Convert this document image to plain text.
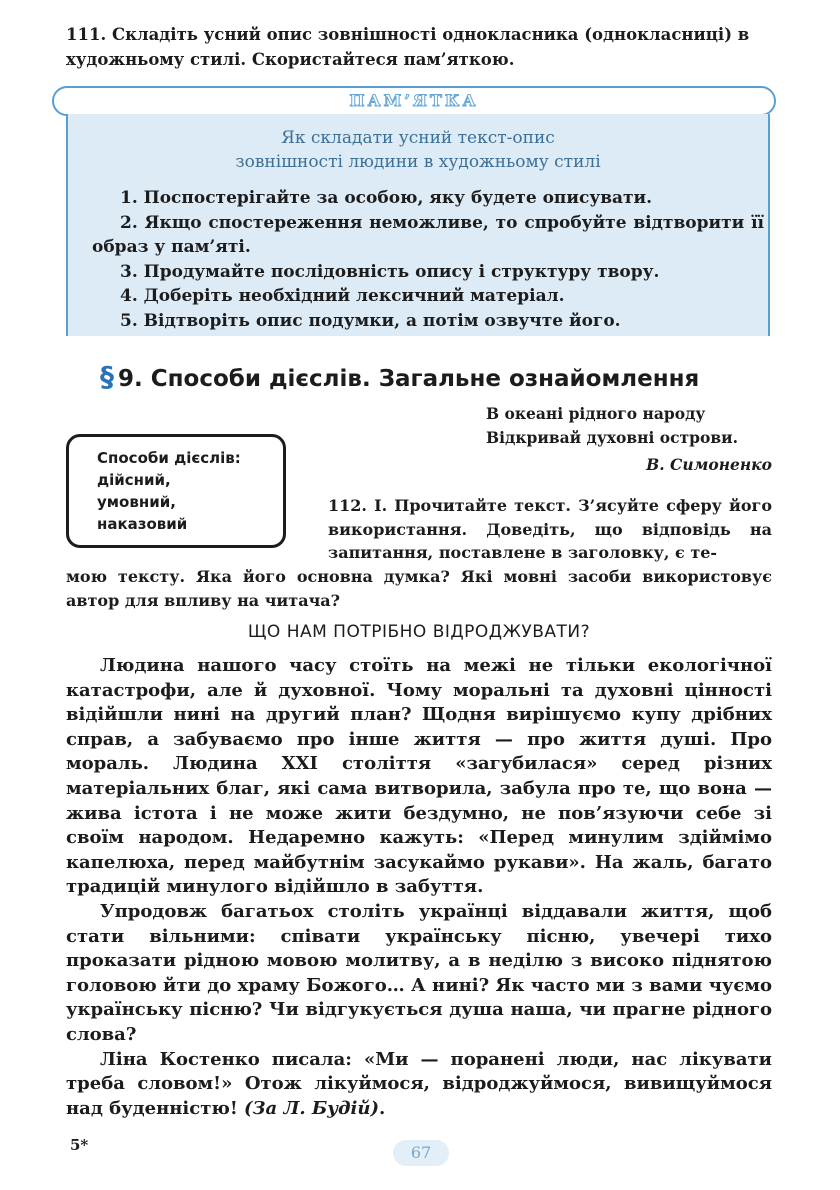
111. Складіть усний опис зовнішності однокласника (однокласниці) в художньому стилі. Скористайтеся пам’яткою.
ПАМ’ЯТКА
Як складати усний текст-опис
зовнішності людини в художньому стилі
1. Поспостерігайте за особою, яку будете описувати.
2. Якщо спостереження неможливе, то спробуйте відтворити її образ у пам’яті.
3. Продумайте послідовність опису і структуру твору.
4. Доберіть необхідний лексичний матеріал.
5. Відтворіть опис подумки, а потім озвучте його.
§ 9. Способи дієслів. Загальне ознайомлення
В океані рідного народу
Відкривай духовні острови.
В. Симоненко
Способи дієслів:
дійсний,
умовний,
наказовий
112. І. Прочитайте текст. З’ясуйте сферу його використання. Доведіть, що відповідь на запитання, поставлене в заголовку, є те-
мою тексту. Яка його основна думка? Які мовні засоби використовує автор для впливу на читача?
ЩО НАМ ПОТРІБНО ВІДРОДЖУВАТИ?

Людина нашого часу стоїть на межі не тільки екологічної катастрофи, але й духовної. Чому моральні та духовні цінності відійшли нині на другий план? Щодня вирішуємо купу дрібних справ, а забуваємо про інше життя — про життя душі. Про мораль. Людина XXI століття «загубилася» серед різних матеріальних благ, які сама витворила, забула про те, що вона — жива істота і не може жити бездумно, не пов’язуючи себе зі своїм народом. Недаремно кажуть: «Перед минулим здіймімо капелюха, перед майбутнім засукаймо рукави». На жаль, багато традицій минулого відійшло в забуття.

Упродовж багатьох століть українці віддавали життя, щоб стати вільними: співати українську пісню, увечері тихо проказати рідною мовою молитву, а в неділю з високо піднятою головою йти до храму Божого… А нині? Як часто ми з вами чуємо українську пісню? Чи відгукується душа наша, чи прагне рідного слова?

Ліна Костенко писала: «Ми — поранені люди, нас лікувати треба словом!» Отож лікуймося, відроджуймося, вивищуймося над буденністю! (За Л. Будій).

5*	67
